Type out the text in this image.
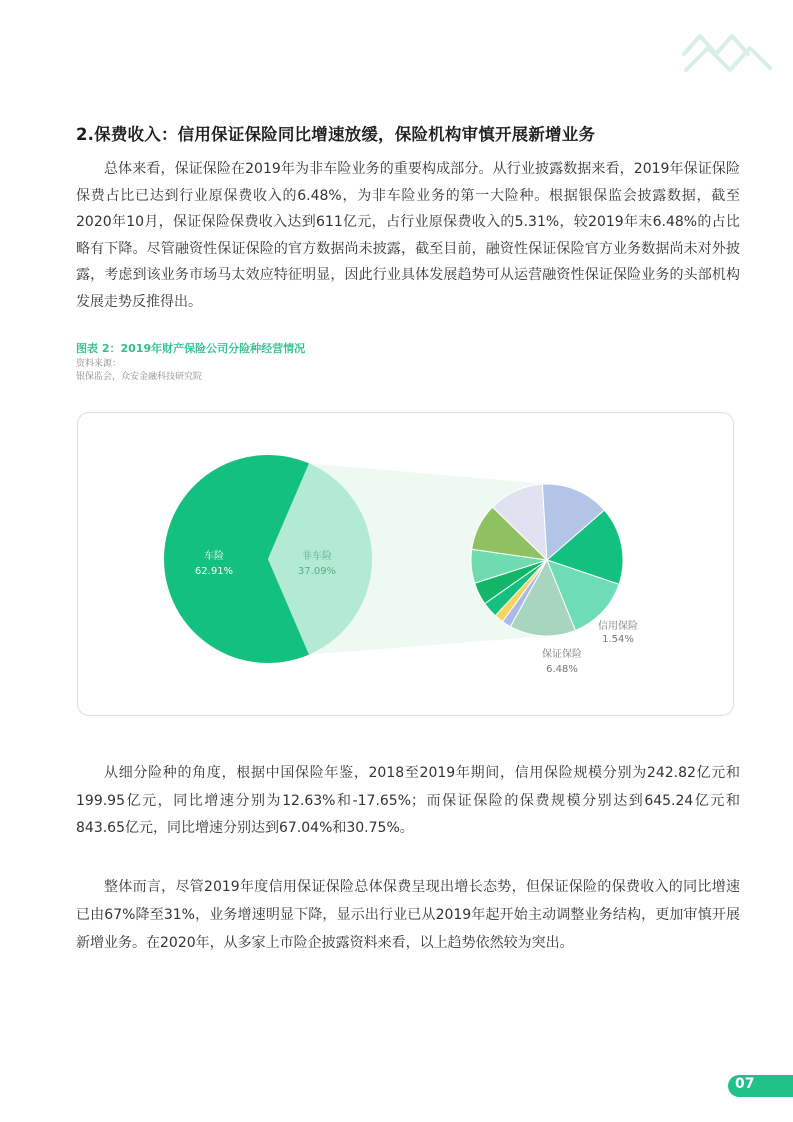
2.保费收入：信用保证保险同比增速放缓，保险机构审慎开展新增业务

总体来看，保证保险在2019年为非车险业务的重要构成部分。从行业披露数据来看，2019年保证保险保费占比已达到行业原保费收入的6.48%，为非车险业务的第一大险种。根据银保监会披露数据，截至2020年10月，保证保险保费收入达到611亿元，占行业原保费收入的5.31%，较2019年末6.48%的占比略有下降。尽管融资性保证保险的官方数据尚未披露，截至目前，融资性保证保险官方业务数据尚未对外披露，考虑到该业务市场马太效应特征明显，因此行业具体发展趋势可从运营融资性保证保险业务的头部机构发展走势反推得出。

图表 2：2019年财产保险公司分险种经营情况

资料来源：
银保监会，众安金融科技研究院

车险
62.91%
非车险
37.09%
信用保险
1.54%
保证保险
6.48%

从细分险种的角度，根据中国保险年鉴，2018至2019年期间，信用保险规模分别为242.82亿元和199.95亿元，同比增速分别为12.63%和-17.65%；而保证保险的保费规模分别达到645.24亿元和843.65亿元，同比增速分别达到67.04%和30.75%。

整体而言，尽管2019年度信用保证保险总体保费呈现出增长态势，但保证保险的保费收入的同比增速已由67%降至31%，业务增速明显下降，显示出行业已从2019年起开始主动调整业务结构，更加审慎开展新增业务。在2020年，从多家上市险企披露资料来看，以上趋势依然较为突出。

07
